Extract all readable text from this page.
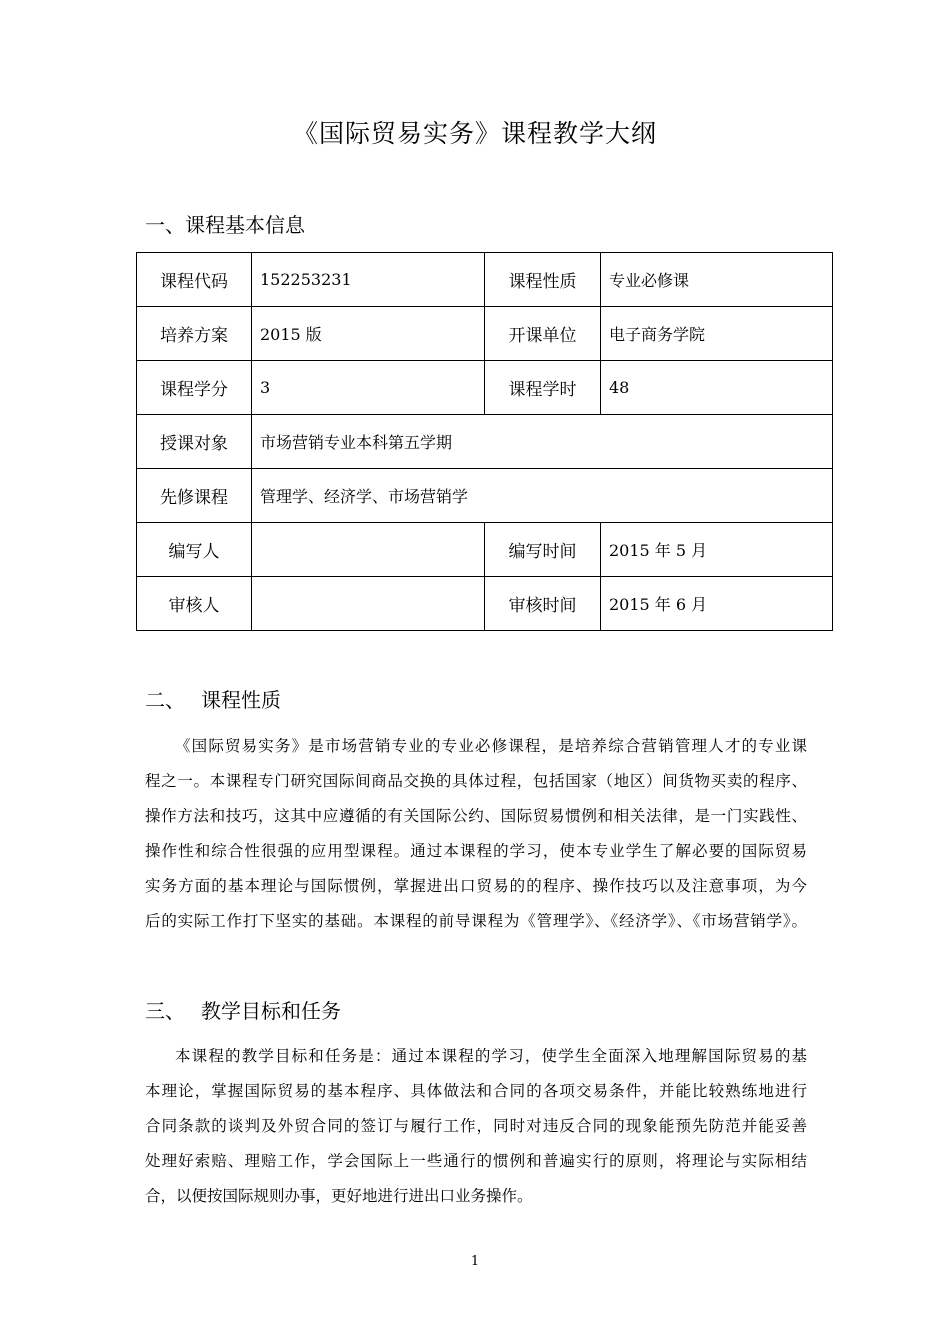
《国际贸易实务》课程教学大纲
一、课程基本信息
课程代码	152253231	课程性质	专业必修课
培养方案	2015 版	开课单位	电子商务学院
课程学分	3	课程学时	48
授课对象	市场营销专业本科第五学期		
先修课程	管理学、经济学、市场营销学		
编写人		编写时间	2015 年 5 月
审核人		审核时间	2015 年 6 月
二、 课程性质
《国际贸易实务》是市场营销专业的专业必修课程，是培养综合营销管理人才的专业课
程之一。本课程专门研究国际间商品交换的具体过程，包括国家（地区）间货物买卖的程序、
操作方法和技巧，这其中应遵循的有关国际公约、国际贸易惯例和相关法律，是一门实践性、
操作性和综合性很强的应用型课程。通过本课程的学习，使本专业学生了解必要的国际贸易
实务方面的基本理论与国际惯例，掌握进出口贸易的的程序、操作技巧以及注意事项，为今
后的实际工作打下坚实的基础。本课程的前导课程为《管理学》、《经济学》、《市场营销学》。
三、 教学目标和任务
本课程的教学目标和任务是：通过本课程的学习，使学生全面深入地理解国际贸易的基
本理论，掌握国际贸易的基本程序、具体做法和合同的各项交易条件，并能比较熟练地进行
合同条款的谈判及外贸合同的签订与履行工作，同时对违反合同的现象能预先防范并能妥善
处理好索赔、理赔工作，学会国际上一些通行的惯例和普遍实行的原则，将理论与实际相结
合，以便按国际规则办事，更好地进行进出口业务操作。
1
